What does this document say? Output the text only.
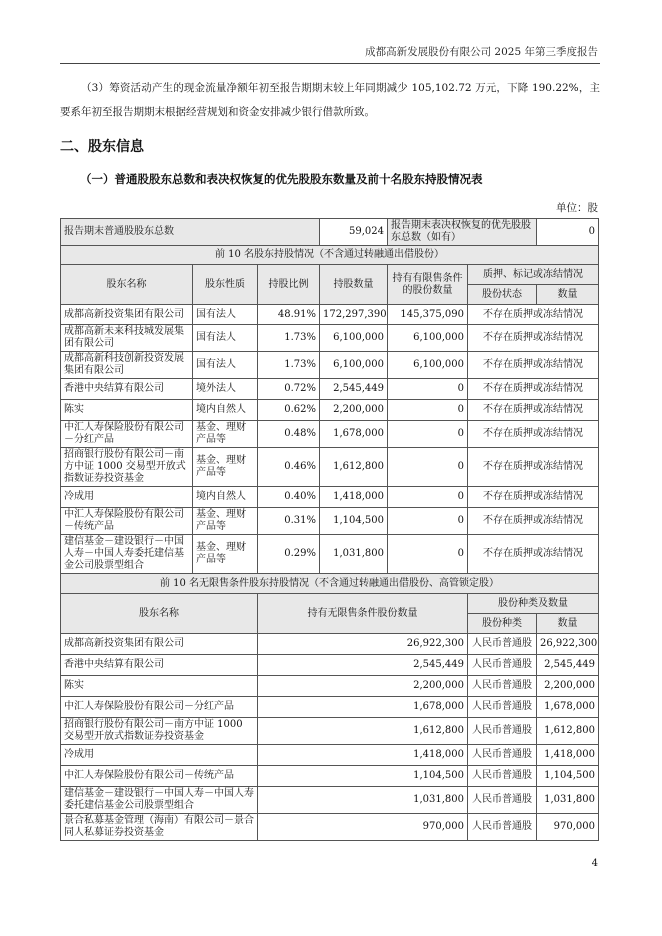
成都高新发展股份有限公司 2025 年第三季度报告

（3）筹资活动产生的现金流量净额年初至报告期期末较上年同期减少 105,102.72 万元，下降 190.22%，主要系年初至报告期期末根据经营规划和资金安排减少银行借款所致。

二、股东信息
（一）普通股股东总数和表决权恢复的优先股股东数量及前十名股东持股情况表
单位：股
报告期末普通股股东总数			59,024	报告期末表决权恢复的优先股股东总数（如有）		0
前 10 名股东持股情况（不含通过转融通出借股份）						
股东名称	股东性质	持股比例	持股数量	持有有限售条件的股份数量	质押、标记或冻结情况	
					股份状态	数量
成都高新投资集团有限公司	国有法人	48.91%	172,297,390	145,375,090	不存在质押或冻结情况	
成都高新未来科技城发展集团有限公司	国有法人	1.73%	6,100,000	6,100,000	不存在质押或冻结情况	
成都高新科技创新投资发展集团有限公司	国有法人	1.73%	6,100,000	6,100,000	不存在质押或冻结情况	
香港中央结算有限公司	境外法人	0.72%	2,545,449	0	不存在质押或冻结情况	
陈实	境内自然人	0.62%	2,200,000	0	不存在质押或冻结情况	
中汇人寿保险股份有限公司－分红产品	基金、理财产品等	0.48%	1,678,000	0	不存在质押或冻结情况	
招商银行股份有限公司－南方中证 1000 交易型开放式指数证券投资基金	基金、理财产品等	0.46%	1,612,800	0	不存在质押或冻结情况	
冷成用	境内自然人	0.40%	1,418,000	0	不存在质押或冻结情况	
中汇人寿保险股份有限公司－传统产品	基金、理财产品等	0.31%	1,104,500	0	不存在质押或冻结情况	
建信基金－建设银行－中国人寿－中国人寿委托建信基金公司股票型组合	基金、理财产品等	0.29%	1,031,800	0	不存在质押或冻结情况	
前 10 名无限售条件股东持股情况（不含通过转融通出借股份、高管锁定股）						
股东名称		持有无限售条件股份数量			股份种类及数量	
					股份种类	数量
成都高新投资集团有限公司		26,922,300			人民币普通股	26,922,300
香港中央结算有限公司		2,545,449			人民币普通股	2,545,449
陈实		2,200,000			人民币普通股	2,200,000
中汇人寿保险股份有限公司－分红产品		1,678,000			人民币普通股	1,678,000
招商银行股份有限公司－南方中证 1000 交易型开放式指数证券投资基金		1,612,800			人民币普通股	1,612,800
冷成用		1,418,000			人民币普通股	1,418,000
中汇人寿保险股份有限公司－传统产品		1,104,500			人民币普通股	1,104,500
建信基金－建设银行－中国人寿－中国人寿委托建信基金公司股票型组合		1,031,800			人民币普通股	1,031,800
景合私募基金管理（海南）有限公司－景合同人私募证券投资基金		970,000			人民币普通股	970,000
4
